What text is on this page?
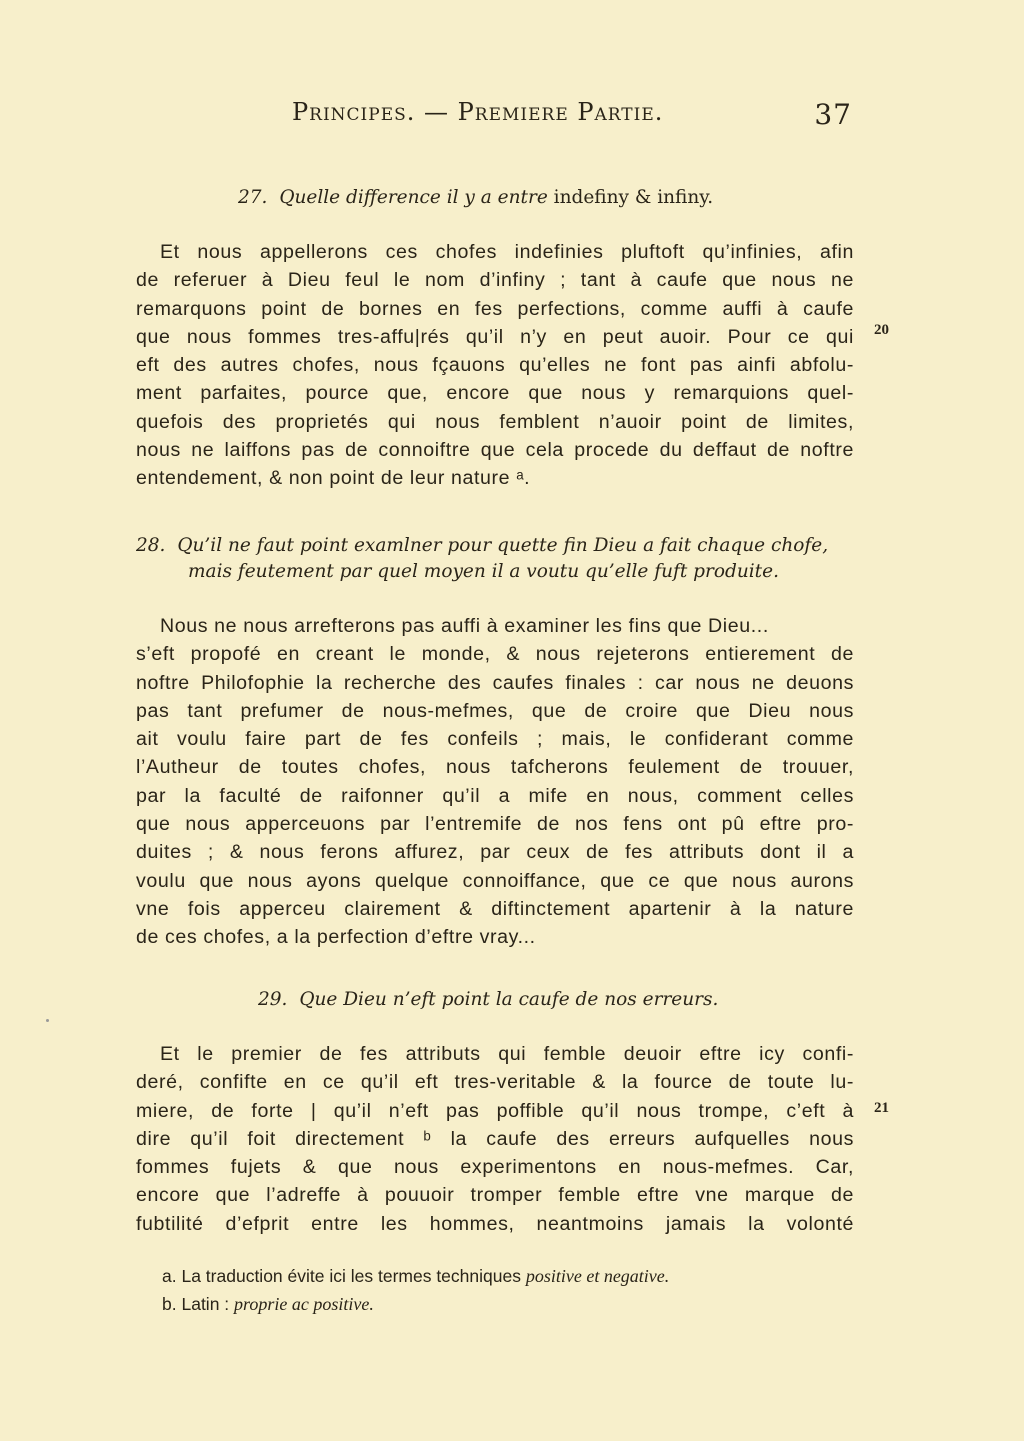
Principes. — Premiere Partie.	37
27. Quelle difference il y a entre indefiny & infiny.
Et nous appellerons ces chofes indefinies pluftoft qu’infinies, afin
de referuer à Dieu feul le nom d’infiny ; tant à caufe que nous ne
remarquons point de bornes en fes perfections, comme auffi à caufe
que nous fommes tres-affu|rés qu’il n’y en peut auoir. Pour ce qui
eft des autres chofes, nous fçauons qu’elles ne font pas ainfi abfolu-
ment parfaites, pource que, encore que nous y remarquions quel-
quefois des proprietés qui nous femblent n’auoir point de limites,
nous ne laiffons pas de connoiftre que cela procede du deffaut de noftre
entendement, & non point de leur nature ᵃ.
20
28. Qu’il ne faut point examlner pour quette fin Dieu a fait chaque chofe,
mais feutement par quel moyen il a voutu qu’elle fuft produite.
Nous ne nous arrefterons pas auffi à examiner les fins que Dieu...
s’eft propofé en creant le monde, & nous rejeterons entierement de
noftre Philofophie la recherche des caufes finales : car nous ne deuons
pas tant prefumer de nous-mefmes, que de croire que Dieu nous
ait voulu faire part de fes confeils ; mais, le confiderant comme
l’Autheur de toutes chofes, nous tafcherons feulement de trouuer,
par la faculté de raifonner qu’il a mife en nous, comment celles
que nous apperceuons par l’entremife de nos fens ont pû eftre pro-
duites ; & nous ferons affurez, par ceux de fes attributs dont il a
voulu que nous ayons quelque connoiffance, que ce que nous aurons
vne fois apperceu clairement & diftinctement apartenir à la nature
de ces chofes, a la perfection d’eftre vray...
29. Que Dieu n’eft point la caufe de nos erreurs.
Et le premier de fes attributs qui femble deuoir eftre icy confi-
deré, confifte en ce qu’il eft tres-veritable & la fource de toute lu-
miere, de forte | qu’il n’eft pas poffible qu’il nous trompe, c’eft à
dire qu’il foit directement ᵇ la caufe des erreurs aufquelles nous
fommes fujets & que nous experimentons en nous-mefmes. Car,
encore que l’adreffe à pouuoir tromper femble eftre vne marque de
fubtilité d’efprit entre les hommes, neantmoins jamais la volonté
21
a. La traduction évite ici les termes techniques positive et negative.
b. Latin : proprie ac positive.
